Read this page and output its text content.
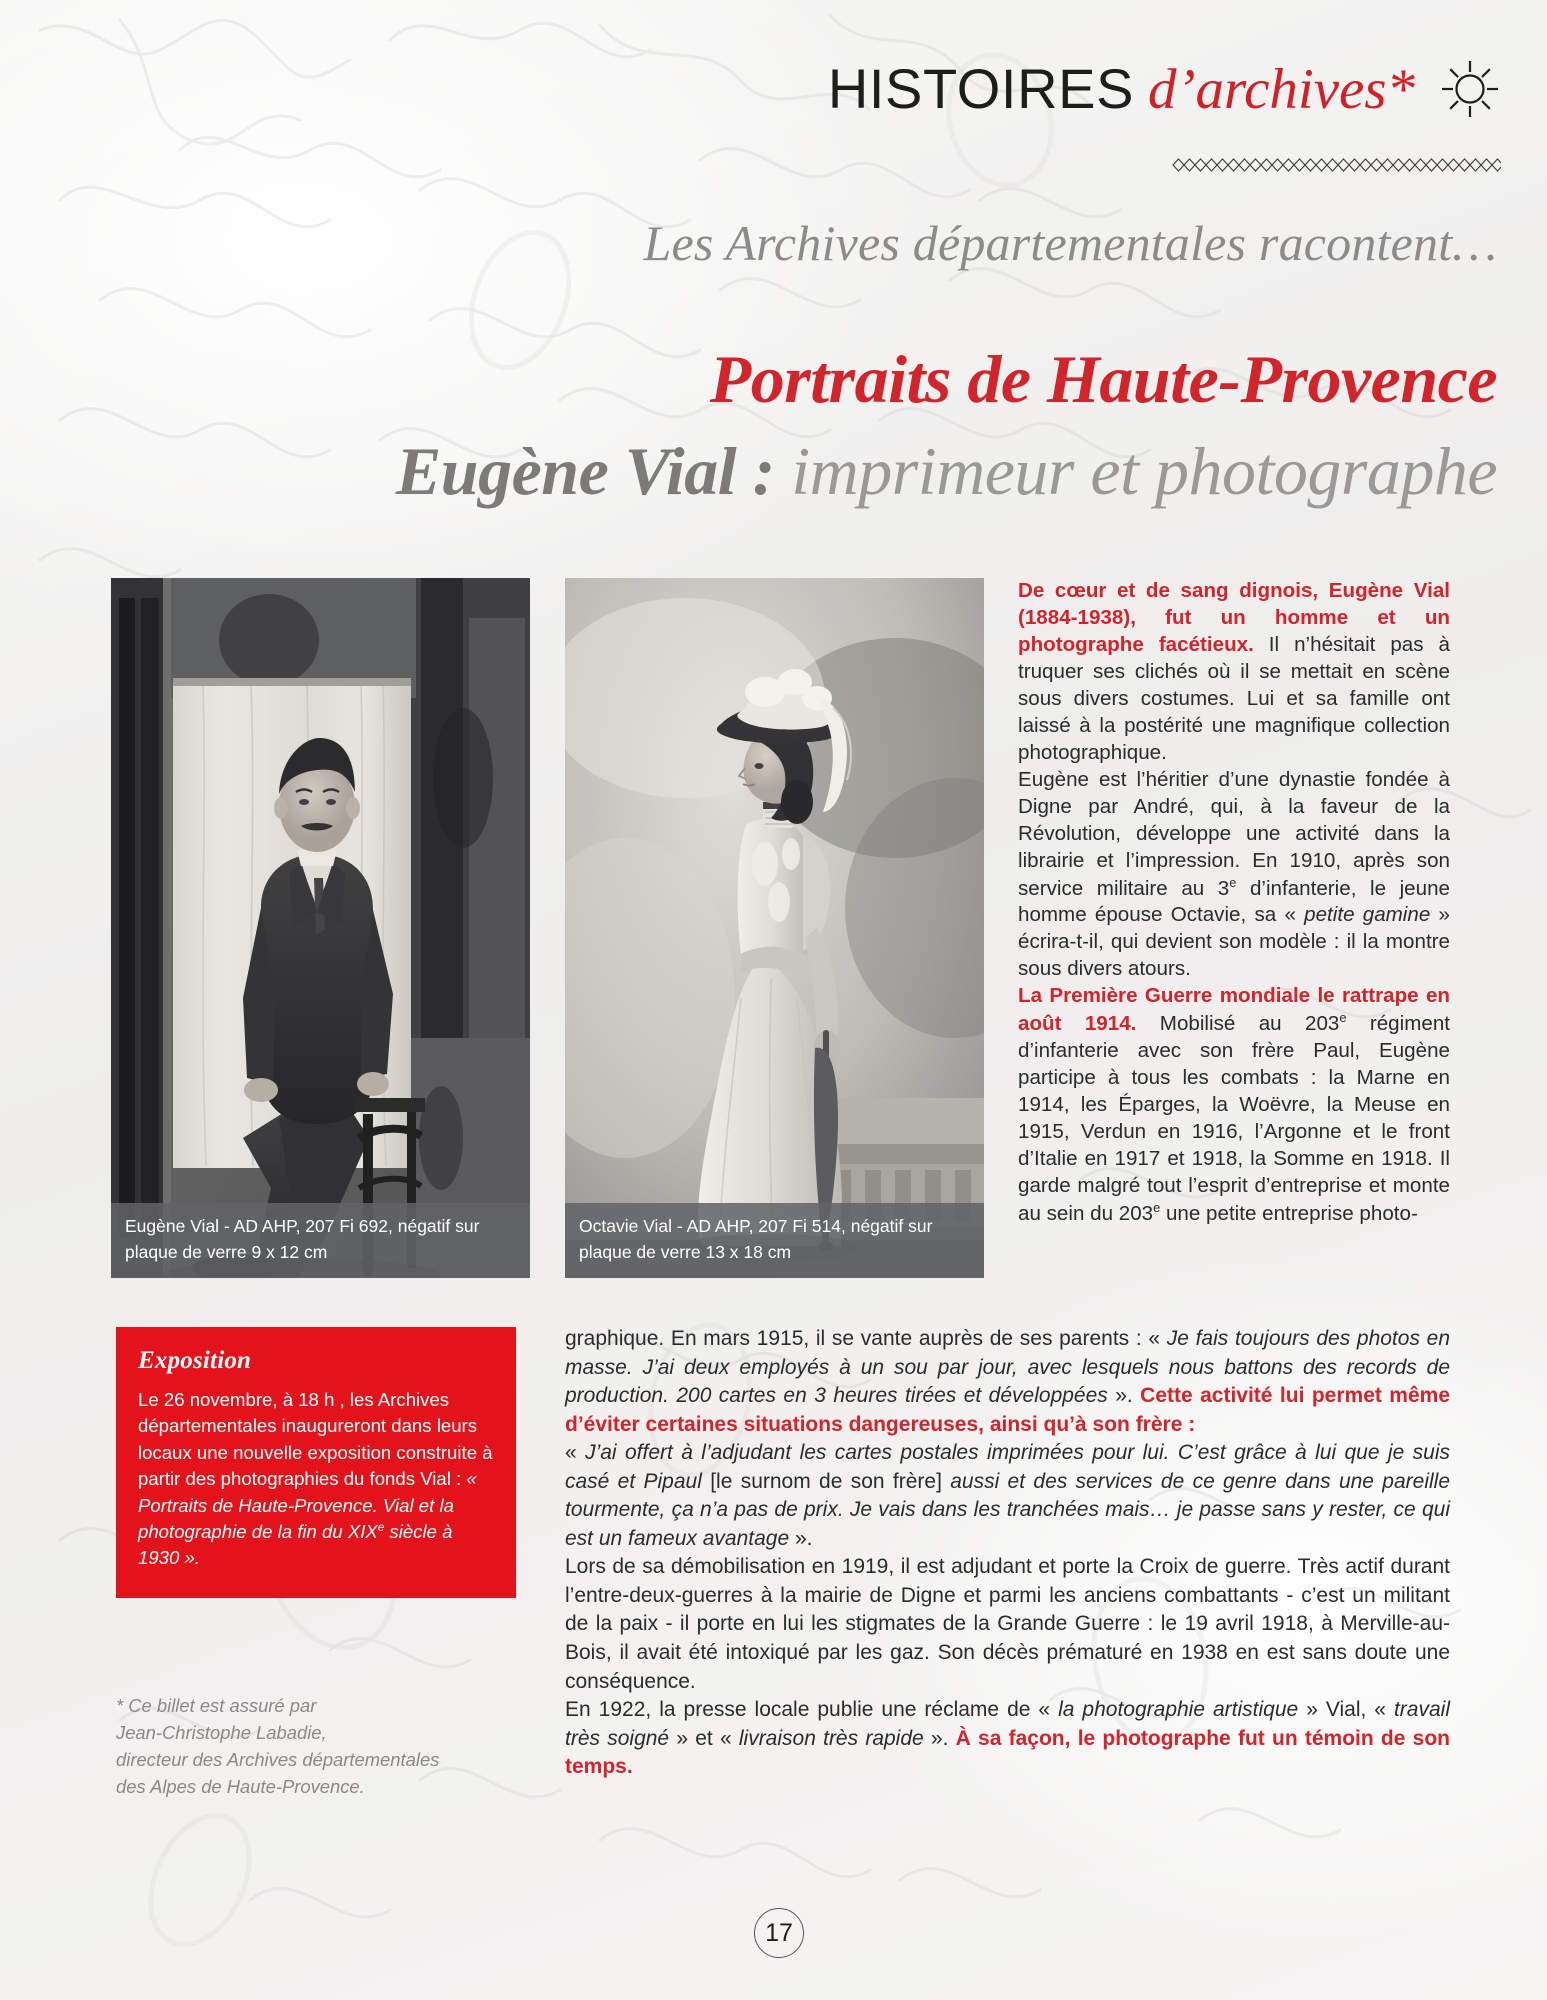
HISTOIRES d’archives*
Les Archives départementales racontent…
Portraits de Haute-Provence
Eugène Vial : imprimeur et photographe
Eugène Vial - AD AHP, 207 Fi 692, négatif sur plaque de verre 9 x 12 cm
Octavie Vial - AD AHP, 207 Fi 514, négatif sur plaque de verre 13 x 18 cm

De cœur et de sang dignois, Eugène Vial (1884-1938), fut un homme et un photographe facétieux. Il n’hésitait pas à truquer ses clichés où il se mettait en scène sous divers costumes. Lui et sa famille ont laissé à la postérité une magnifique collection photographique.

Eugène est l’héritier d’une dynastie fondée à Digne par André, qui, à la faveur de la Révolution, développe une activité dans la librairie et l’impression. En 1910, après son service militaire au 3e d’infanterie, le jeune homme épouse Octavie, sa « petite gamine » écrira-t-il, qui devient son modèle : il la montre sous divers atours.

La Première Guerre mondiale le rattrape en août 1914. Mobilisé au 203e régiment d’infanterie avec son frère Paul, Eugène participe à tous les combats : la Marne en 1914, les Éparges, la Woëvre, la Meuse en 1915, Verdun en 1916, l’Argonne et le front d’Italie en 1917 et 1918, la Somme en 1918. Il garde malgré tout l’esprit d’entreprise et monte au sein du 203e une petite entreprise photo-

graphique. En mars 1915, il se vante auprès de ses parents : « Je fais toujours des photos en masse. J’ai deux employés à un sou par jour, avec lesquels nous battons des records de production. 200 cartes en 3 heures tirées et développées ». Cette activité lui permet même d’éviter certaines situations dangereuses, ainsi qu’à son frère :

« J’ai offert à l’adjudant les cartes postales imprimées pour lui. C’est grâce à lui que je suis casé et Pipaul [le surnom de son frère] aussi et des services de ce genre dans une pareille tourmente, ça n’a pas de prix. Je vais dans les tranchées mais… je passe sans y rester, ce qui est un fameux avantage ».

Lors de sa démobilisation en 1919, il est adjudant et porte la Croix de guerre. Très actif durant l’entre-deux-guerres à la mairie de Digne et parmi les anciens combattants - c’est un militant de la paix - il porte en lui les stigmates de la Grande Guerre : le 19 avril 1918, à Merville-au-Bois, il avait été intoxiqué par les gaz. Son décès prématuré en 1938 en est sans doute une conséquence.

En 1922, la presse locale publie une réclame de « la photographie artistique » Vial, « travail très soigné » et « livraison très rapide ». À sa façon, le photographe fut un témoin de son temps.

Exposition

Le 26 novembre, à 18 h , les Archives départementales inaugureront dans leurs locaux une nouvelle exposition construite à partir des photographies du fonds Vial : « Portraits de Haute-Provence. Vial et la photographie de la fin du XIXe siècle à 1930 ».

* Ce billet est assuré par
Jean-Christophe Labadie,
directeur des Archives départementales
des Alpes de Haute-Provence.
17
